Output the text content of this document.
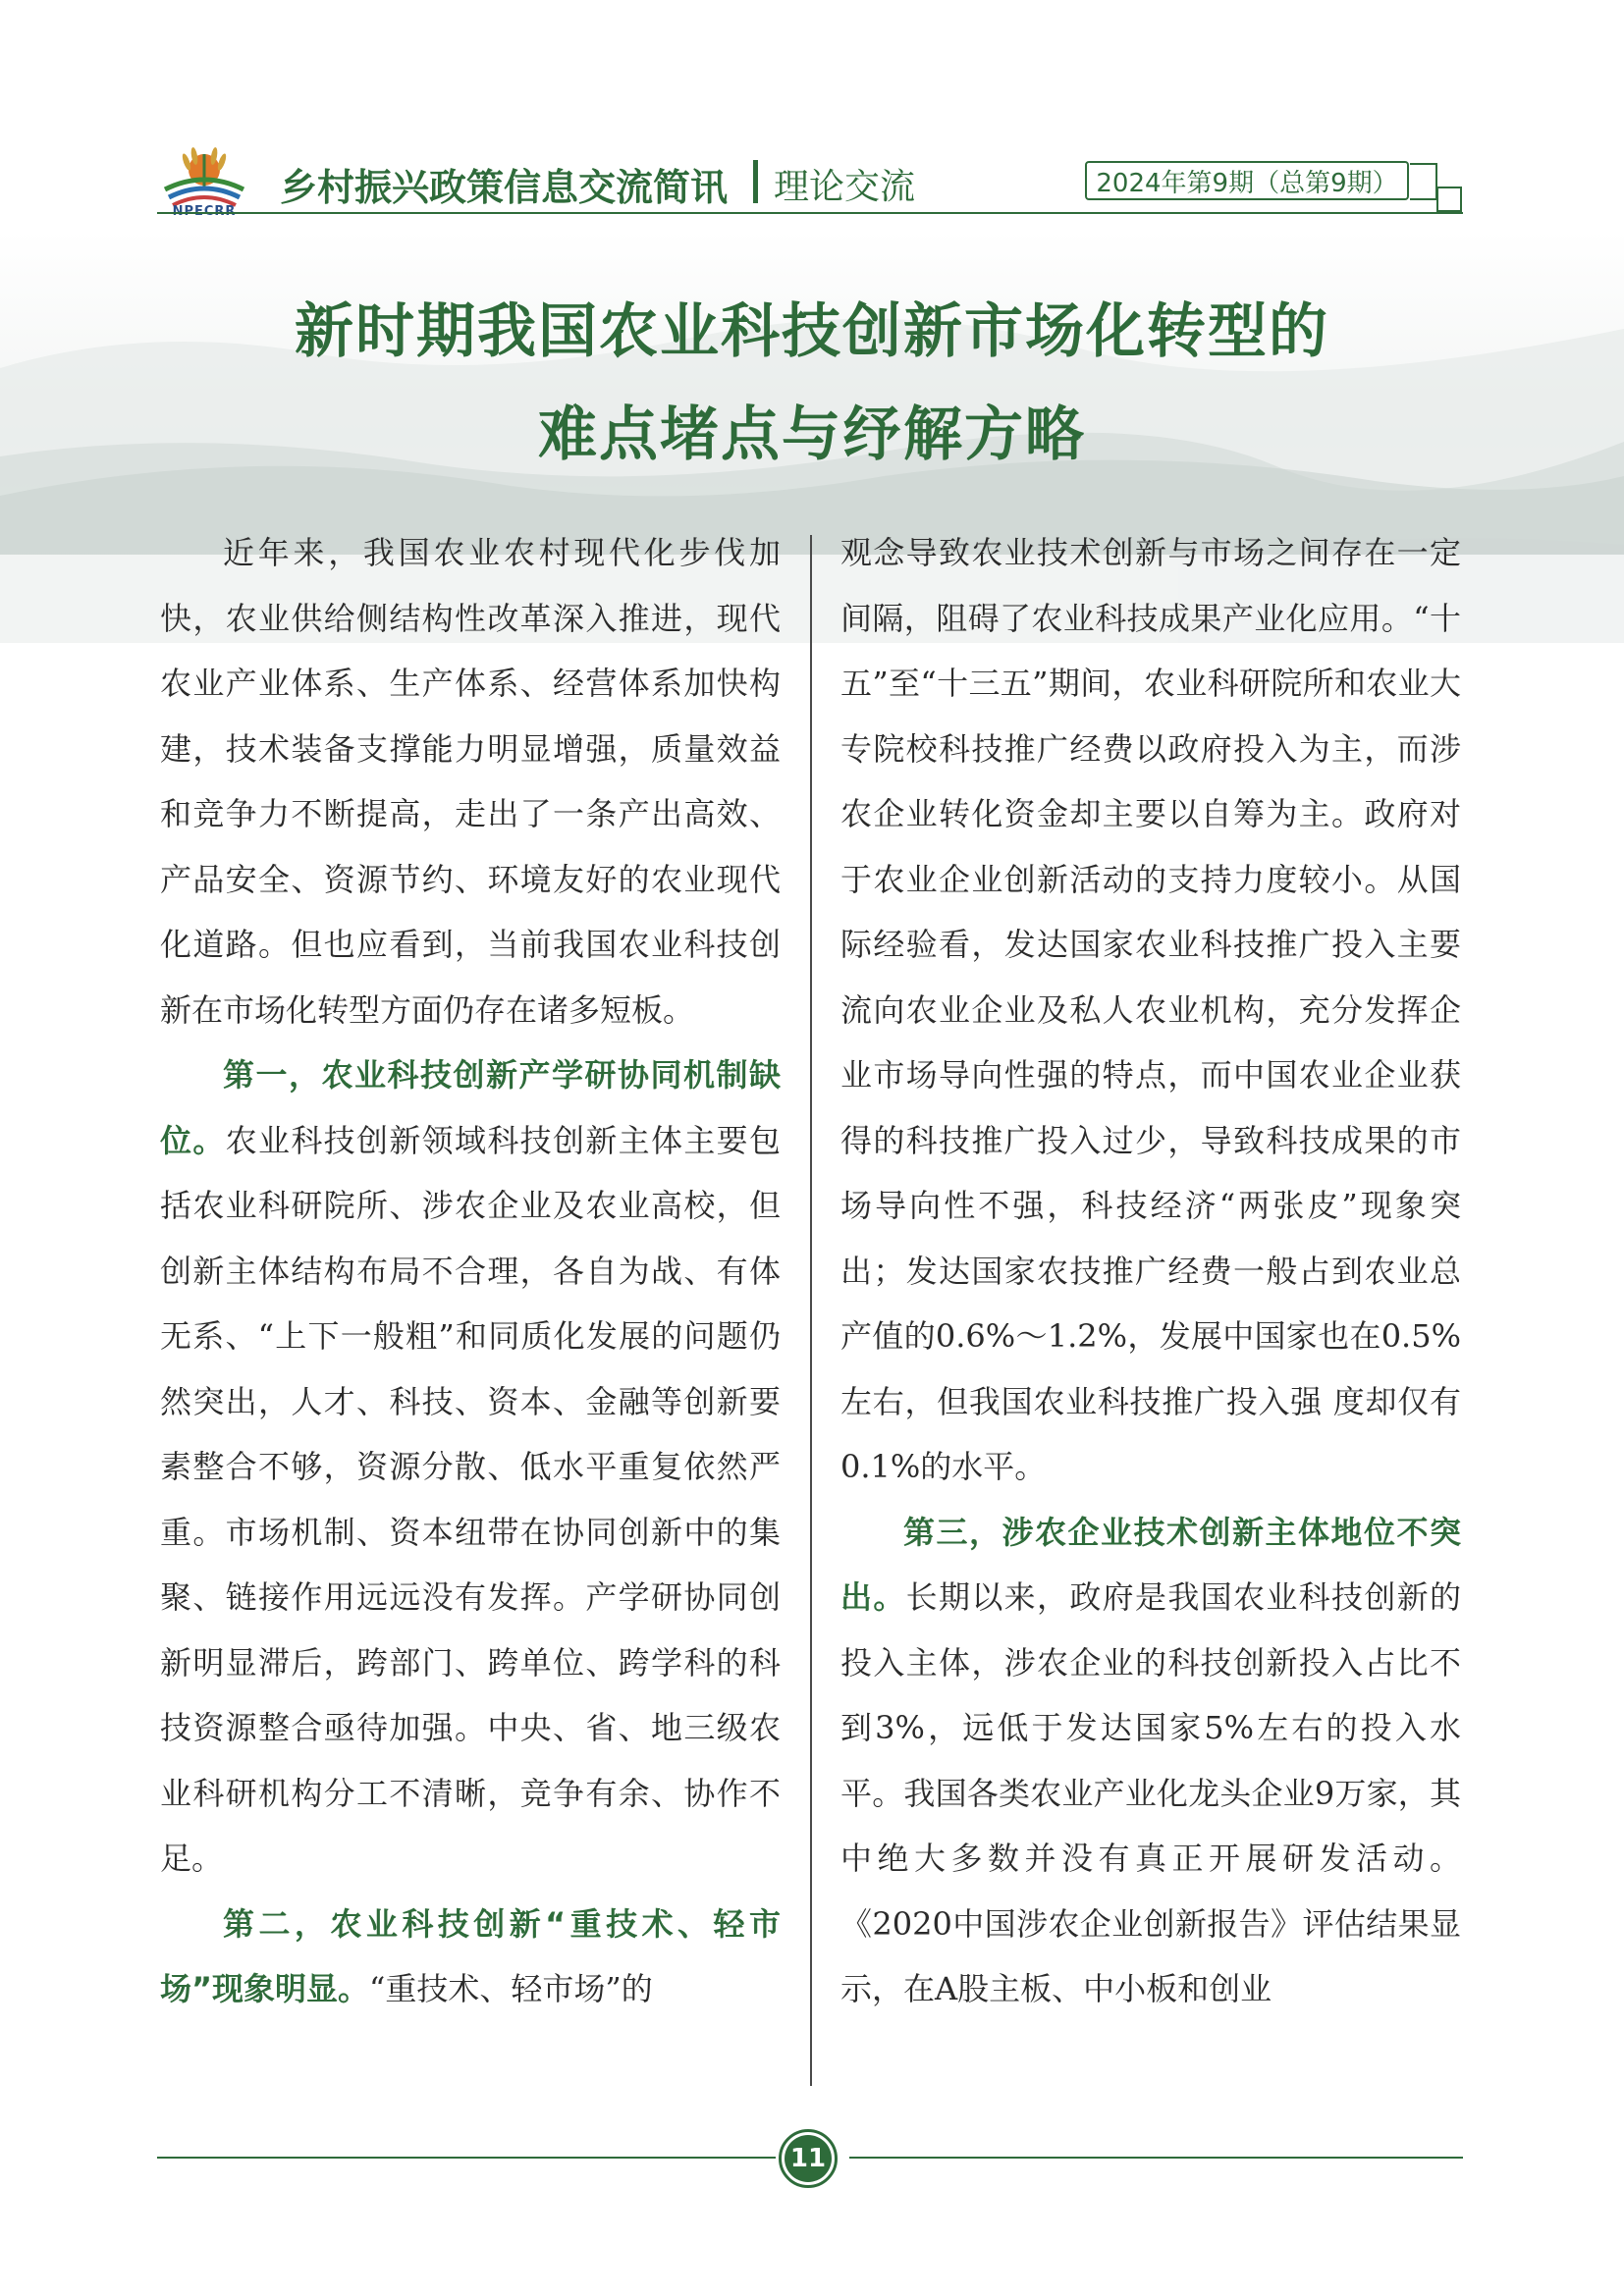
乡村振兴政策信息交流简讯 理论交流	2024年第9期（总第9期）
新时期我国农业科技创新市场化转型的
难点堵点与纾解方略

近年来，我国农业农村现代化步伐加快，农业供给侧结构性改革深入推进，现代农业产业体系、生产体系、经营体系加快构建，技术装备支撑能力明显增强，质量效益和竞争力不断提高，走出了一条产出高效、产品安全、资源节约、环境友好的农业现代化道路。但也应看到，当前我国农业科技创新在市场化转型方面仍存在诸多短板。

第一，农业科技创新产学研协同机制缺位。农业科技创新领域科技创新主体主要包括农业科研院所、涉农企业及农业高校，但创新主体结构布局不合理，各自为战、有体无系、“上下一般粗”和同质化发展的问题仍然突出，人才、科技、资本、金融等创新要素整合不够，资源分散、低水平重复依然严重。市场机制、资本纽带在协同创新中的集聚、链接作用远远没有发挥。产学研协同创新明显滞后，跨部门、跨单位、跨学科的科技资源整合亟待加强。中央、省、地三级农业科研机构分工不清晰，竞争有余、协作不足。

第二，农业科技创新“重技术、轻市场”现象明显。“重技术、轻市场”的

观念导致农业技术创新与市场之间存在一定间隔，阻碍了农业科技成果产业化应用。“十五”至“十三五”期间，农业科研院所和农业大专院校科技推广经费以政府投入为主，而涉农企业转化资金却主要以自筹为主。政府对于农业企业创新活动的支持力度较小。从国际经验看，发达国家农业科技推广投入主要流向农业企业及私人农业机构，充分发挥企业市场导向性强的特点，而中国农业企业获得的科技推广投入过少，导致科技成果的市场导向性不强，科技经济“两张皮”现象突出；发达国家农技推广经费一般占到农业总产值的0.6%～1.2%，发展中国家也在0.5%左右，但我国农业科技推广投入强 度却仅有0.1%的水平。

第三，涉农企业技术创新主体地位不突出。长期以来，政府是我国农业科技创新的投入主体，涉农企业的科技创新投入占比不到3%，远低于发达国家5%左右的投入水平。我国各类农业产业化龙头企业9万家，其中绝大多数并没有真正开展研发活动。《2020中国涉农企业创新报告》评估结果显示，在A股主板、中小板和创业

11
